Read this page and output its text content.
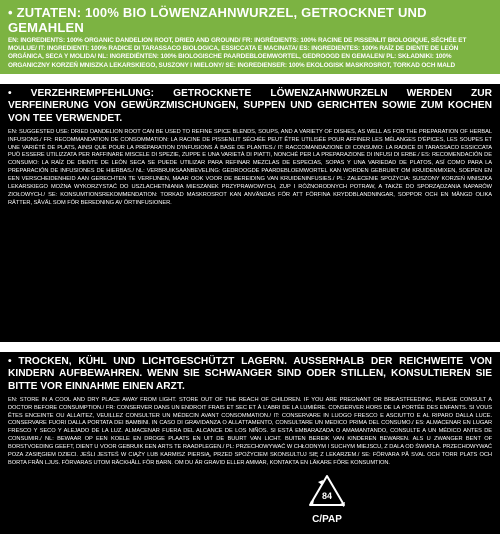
• ZUTATEN: 100% BIO LÖWENZAHNWURZEL, GETROCKNET UND GEMAHLEN

EN: INGREDIENTS: 100% ORGANIC DANDELION ROOT, DRIED AND GROUND/ FR: INGRÉDIENTS: 100% RACINE DE PISSENLIT BIOLOGIQUE, SÉCHÉE ET MOULUE/ IT: INGREDIENTI: 100% RADICE DI TARASSACO BIOLOGICA, ESSICCATA E MACINATA/ ES: INGREDIENTES: 100% RAÍZ DE DIENTE DE LEÓN ORGÁNICA, SECA Y MOLIDA/ NL: INGREDIËNTEN: 100% BIOLOGISCHE PAARDEBLOEMWORTEL, GEDROOGD EN GEMALEN/ PL: SKŁADNIKI: 100% ORGANICZNY KORZEŃ MNISZKA LEKARSKIEGO, SUSZONY I MIELONY/ SE: INGREDIENSER: 100% EKOLOGISK MASKROSROT, TORKAD OCH MALD

• VERZEHREMPFEHLUNG: GETROCKNETE LÖWENZAHNWURZELN WERDEN ZUR VERFEINERUNG VON GEWÜRZMISCHUNGEN, SUPPEN UND GERICHTEN SOWIE ZUM KOCHEN VON TEE VERWENDET.

EN: SUGGESTED USE: DRIED DANDELION ROOT CAN BE USED TO REFINE SPICE BLENDS, SOUPS, AND A VARIETY OF DISHES, AS WELL AS FOR THE PREPARATION OF HERBAL INFUSIONS./ FR: RECOMMANDATION DE CONSOMMATION: LA RACINE DE PISSENLIT SÉCHÉE PEUT ÊTRE UTILISÉE POUR AFFINER LES MÉLANGES D'ÉPICES, LES SOUPES ET UNE VARIÉTÉ DE PLATS, AINSI QUE POUR LA PRÉPARATION D'INFUSIONS À BASE DE PLANTES./ IT: RACCOMANDAZIONE DI CONSUMO: LA RADICE DI TARASSACO ESSICCATA PUÒ ESSERE UTILIZZATA PER RAFFINARE MISCELE DI SPEZIE, ZUPPE E UNA VARIETÀ DI PIATTI, NONCHÉ PER LA PREPARAZIONE DI INFUSI DI ERBE./ ES: RECOMENDACIÓN DE CONSUMO: LA RAÍZ DE DIENTE DE LEÓN SECA SE PUEDE UTILIZAR PARA REFINAR MEZCLAS DE ESPECIAS, SOPAS Y UNA VARIEDAD DE PLATOS, ASÍ COMO PARA LA PREPARACIÓN DE INFUSIONES DE HIERBAS./ NL: VERBRUIKSAANBEVELING: GEDROOGDE PAARDEBLOEMWORTEL KAN WORDEN GEBRUIKT OM KRUIDENMIXEN, SOEPEN EN EEN VERSCHEIDENHEID AAN GERECHTEN TE VERFIJNEN, MAAR OOK VOOR DE BEREIDING VAN KRUIDENINFUSIES./ PL: ZALECENIE SPOŻYCIA: SUSZONY KORZEŃ MNISZKA LEKARSKIEGO MOŻNA WYKORZYSTAĆ DO USZLACHETNIANIA MIESZANEK PRZYPRAWOWYCH, ZUP I RÓŻNORODNYCH POTRAW, A TAKŻE DO SPORZĄDZANIA NAPARÓW ZIOŁOWYCH./ SE: KONSUMTIONSREKOMMENDATION: TORKAD MASKROSROT KAN ANVÄNDAS FÖR ATT FÖRFINA KRYDDBLANDNINGAR, SOPPOR OCH EN MÄNGD OLIKA RÄTTER, SÅVÄL SOM FÖR BEREDNING AV ÖRTINFUSIONER.

• TROCKEN, KÜHL UND LICHTGESCHÜTZT LAGERN. AUSSERHALB DER REICHWEITE VON KINDERN AUFBEWAHREN. WENN SIE SCHWANGER SIND ODER STILLEN, KONSULTIEREN SIE BITTE VOR EINNAHME EINEN ARZT.

EN: STORE IN A COOL AND DRY PLACE AWAY FROM LIGHT. STORE OUT OF THE REACH OF CHILDREN. IF YOU ARE PREGNANT OR BREASTFEEDING, PLEASE CONSULT A DOCTOR BEFORE CONSUMPTION./ FR: CONSERVER DANS UN ENDROIT FRAIS ET SEC ET À L'ABRI DE LA LUMIÈRE. CONSERVER HORS DE LA PORTÉE DES ENFANTS. SI VOUS ÊTES ENCEINTE OU ALLAITEZ, VEUILLEZ CONSULTER UN MÉDECIN AVANT CONSOMMATION./ IT: CONSERVARE IN LUOGO FRESCO E ASCIUTTO E AL RIPARO DALLA LUCE. CONSERVARE FUORI DALLA PORTATA DEI BAMBINI. IN CASO DI GRAVIDANZA O ALLATTAMENTO, CONSULTARE UN MEDICO PRIMA DEL CONSUMO./ ES: ALMACENAR EN LUGAR FRESCO Y SECO Y ALEJADO DE LA LUZ. ALMACENAR FUERA DEL ALCANCE DE LOS NIÑOS. SI ESTÁ EMBARAZADA O AMAMANTANDO, CONSULTE A UN MÉDICO ANTES DE CONSUMIR./ NL: BEWAAR OP EEN KOELE EN DROGE PLAATS EN UIT DE BUURT VAN LICHT. BUITEN BEREIK VAN KINDEREN BEWAREN. ALS U ZWANGER BENT OF BORSTVOEDING GEEFT, DIENT U VOOR GEBRUIK EEN ARTS TE RAADPLEGEN./ PL: PRZECHOWYWAĆ W CHŁODNYM I SUCHYM MIEJSCU, Z DALA OD ŚWIATŁA. PRZECHOWYWAĆ POZA ZASIĘGIEM DZIECI. JEŚLI JESTEŚ W CIĄŻY LUB KARMISZ PIERSIĄ, PRZED SPOŻYCIEM SKONSULTUJ SIĘ Z LEKARZEM./ SE: FÖRVARA PÅ SVAL OCH TORR PLATS OCH BORTA FRÅN LJUS. FÖRVARAS UTOM RÄCKHÅLL FÖR BARN. OM DU ÄR GRAVID ELLER AMMAR, KONTAKTA EN LÄKARE FÖRE KONSUMTION.

84
C/PAP
